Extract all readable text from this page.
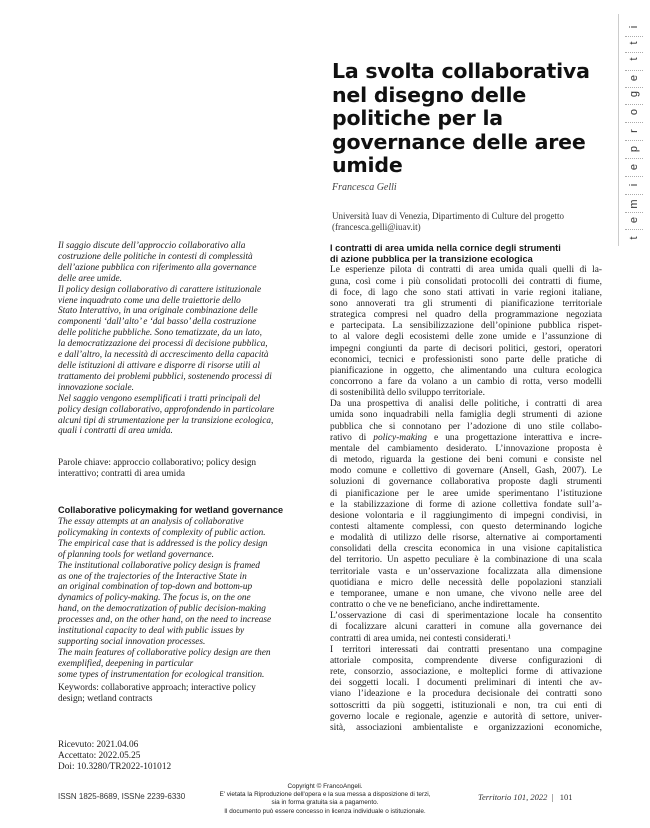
t
e
m
i
e
p
r
o
g
e
t
t
i
La svolta collaborativa nel disegno delle politiche per la governance delle aree umide
Francesca Gelli
Università Iuav di Venezia, Dipartimento di Culture del progetto
(francesca.gelli@iuav.it)
Il saggio discute dell’approccio collaborativo alla
costruzione delle politiche in contesti di complessità
dell’azione pubblica con riferimento alla governance
delle aree umide.
Il policy design collaborativo di carattere istituzionale
viene inquadrato come una delle traiettorie dello
Stato Interattivo, in una originale combinazione delle
componenti ‘dall’alto’ e ‘dal basso’ della costruzione
delle politiche pubbliche. Sono tematizzate, da un lato,
la democratizzazione dei processi di decisione pubblica,
e dall’altro, la necessità di accrescimento della capacità
delle istituzioni di attivare e disporre di risorse utili al
trattamento dei problemi pubblici, sostenendo processi di
innovazione sociale.
Nel saggio vengono esemplificati i tratti principali del
policy design collaborativo, approfondendo in particolare
alcuni tipi di strumentazione per la transizione ecologica,
quali i contratti di area umida.
Parole chiave: approccio collaborativo; policy design
interattivo; contratti di area umida
Collaborative policymaking for wetland governance
The essay attempts at an analysis of collaborative
policymaking in contexts of complexity of public action.
The empirical case that is addressed is the policy design
of planning tools for wetland governance.
The institutional collaborative policy design is framed
as one of the trajectories of the Interactive State in
an original combination of top-down and bottom-up
dynamics of policy-making. The focus is, on the one
hand, on the democratization of public decision-making
processes and, on the other hand, on the need to increase
institutional capacity to deal with public issues by
supporting social innovation processes.
The main features of collaborative policy design are then
exemplified, deepening in particular
some types of instrumentation for ecological transition.
Keywords: collaborative approach; interactive policy
design; wetland contracts
Ricevuto: 2021.04.06
Accettato: 2022.05.25
Doi: 10.3280/TR2022-101012
I contratti di area umida nella cornice degli strumenti
di azione pubblica per la transizione ecologica
Le esperienze pilota di contratti di area umida quali quelli di la-
guna, così come i più consolidati protocolli dei contratti di fiume,
di foce, di lago che sono stati attivati in varie regioni italiane,
sono annoverati tra gli strumenti di pianificazione territoriale
strategica compresi nel quadro della programmazione negoziata
e partecipata. La sensibilizzazione dell’opinione pubblica rispet-
to al valore degli ecosistemi delle zone umide e l’assunzione di
impegni congiunti da parte di decisori politici, gestori, operatori
economici, tecnici e professionisti sono parte delle pratiche di
pianificazione in oggetto, che alimentando una cultura ecologica
concorrono a fare da volano a un cambio di rotta, verso modelli
di sostenibilità dello sviluppo territoriale.
Da una prospettiva di analisi delle politiche, i contratti di area
umida sono inquadrabili nella famiglia degli strumenti di azione
pubblica che si connotano per l’adozione di uno stile collabo-
rativo di policy-making e una progettazione interattiva e incre-
mentale del cambiamento desiderato. L’innovazione proposta è
di metodo, riguarda la gestione dei beni comuni e consiste nel
modo comune e collettivo di governare (Ansell, Gash, 2007). Le
soluzioni di governance collaborativa proposte dagli strumenti
di pianificazione per le aree umide sperimentano l’istituzione
e la stabilizzazione di forme di azione collettiva fondate sull’a-
desione volontaria e il raggiungimento di impegni condivisi, in
contesti altamente complessi, con questo determinando logiche
e modalità di utilizzo delle risorse, alternative ai comportamenti
consolidati della crescita economica in una visione capitalistica
del territorio. Un aspetto peculiare è la combinazione di una scala
territoriale vasta e un’osservazione focalizzata alla dimensione
quotidiana e micro delle necessità delle popolazioni stanziali
e temporanee, umane e non umane, che vivono nelle aree del
contratto o che ve ne beneficiano, anche indirettamente.
L’osservazione di casi di sperimentazione locale ha consentito
di focalizzare alcuni caratteri in comune alla governance dei
contratti di area umida, nei contesti considerati.¹
I territori interessati dai contratti presentano una compagine
attoriale composita, comprendente diverse configurazioni di
rete, consorzio, associazione, e molteplici forme di attivazione
dei soggetti locali. I documenti preliminari di intenti che av-
viano l’ideazione e la procedura decisionale dei contratti sono
sottoscritti da più soggetti, istituzionali e non, tra cui enti di
governo locale e regionale, agenzie e autorità di settore, univer-
sità, associazioni ambientaliste e organizzazioni economiche,
ISSN 1825-8689, ISSNe 2239-6330
Copyright © FrancoAngeli.
E' vietata la Riproduzione dell'opera e la sua messa a disposizione di terzi,
sia in forma gratuita sia a pagamento.
Il documento può essere concesso in licenza individuale o istituzionale.
Territorio 101, 2022  |   101
